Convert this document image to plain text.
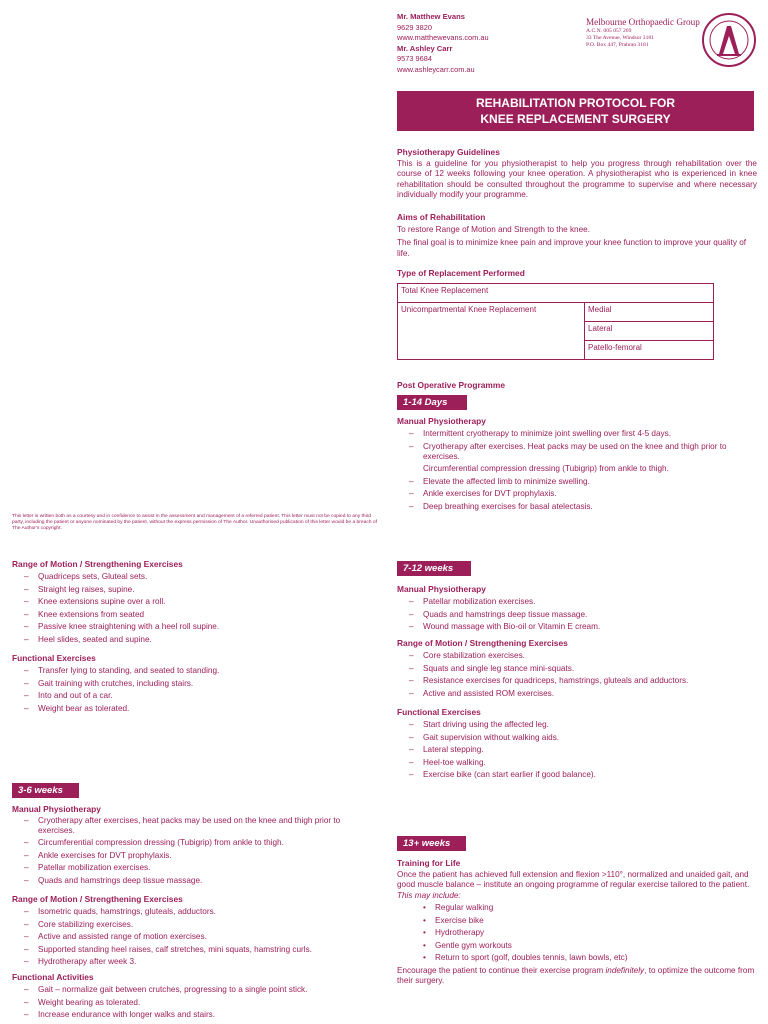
Mr. Matthew Evans
9629 3820
www.matthewevans.com.au
Mr. Ashley Carr
9573 9684
www.ashleycarr.com.au
Melbourne Orthopaedic Group
A.C.N. 005 057 269
33 The Avenue, Windsor 3181
P.O. Box 447, Prahran 3181
REHABILITATION PROTOCOL FOR
KNEE REPLACEMENT SURGERY
Physiotherapy Guidelines
This is a guideline for you physiotherapist to help you progress through rehabilitation over the course of 12 weeks following your knee operation. A physiotherapist who is experienced in knee rehabilitation should be consulted throughout the programme to supervise and where necessary individually modify your programme.
Aims of Rehabilitation
To restore Range of Motion and Strength to the knee.
The final goal is to minimize knee pain and improve your knee function to improve your quality of life.
Type of Replacement Performed
Total Knee Replacement
Unicompartmental Knee Replacement	Medial
Lateral
Patello-femoral
Post Operative Programme
1-14 Days
Manual Physiotherapy
– Intermittent cryotherapy to minimize joint swelling over first 4-5 days.
– Cryotherapy after exercises. Heat packs may be used on the knee and thigh prior to exercises.
Circumferential compression dressing (Tubigrip) from ankle to thigh.
– Elevate the affected limb to minimize swelling.
– Ankle exercises for DVT prophylaxis.
– Deep breathing exercises for basal atelectasis.
This letter is written both as a courtesy and in confidence to assist in the assessment and management of a referred patient. This letter must not be copied to any third party, including the patient or anyone nominated by the patient, without the express permission of The Author. Unauthorised publication of this letter would be a breach of The Author's copyright.
Range of Motion / Strengthening Exercises
– Quadriceps sets, Gluteal sets.
– Straight leg raises, supine.
– Knee extensions supine over a roll.
– Knee extensions from seated
– Passive knee straightening with a heel roll supine.
– Heel slides, seated and supine.
Functional Exercises
– Transfer lying to standing, and seated to standing.
– Gait training with crutches, including stairs.
– Into and out of a car.
– Weight bear as tolerated.
3-6 weeks
Manual Physiotherapy
– Cryotherapy after exercises, heat packs may be used on the knee and thigh prior to exercises.
– Circumferential compression dressing (Tubigrip) from ankle to thigh.
– Ankle exercises for DVT prophylaxis.
– Patellar mobilization exercises.
– Quads and hamstrings deep tissue massage.
Range of Motion / Strengthening Exercises
– Isometric quads, hamstrings, gluteals, adductors.
– Core stabilizing exercises.
– Active and assisted range of motion exercises.
– Supported standing heel raises, calf stretches, mini squats, hamstring curls.
– Hydrotherapy after week 3.
Functional Activities
– Gait – normalize gait between crutches, progressing to a single point stick.
– Weight bearing as tolerated.
– Increase endurance with longer walks and stairs.
7-12 weeks
Manual Physiotherapy
– Patellar mobilization exercises.
– Quads and hamstrings deep tissue massage.
– Wound massage with Bio-oil or Vitamin E cream.
Range of Motion / Strengthening Exercises
– Core stabilization exercises.
– Squats and single leg stance mini-squats.
– Resistance exercises for quadriceps, hamstrings, gluteals and adductors.
– Active and assisted ROM exercises.
Functional Exercises
– Start driving using the affected leg.
– Gait supervision without walking aids.
– Lateral stepping.
– Heel-toe walking.
– Exercise bike (can start earlier if good balance).
13+ weeks
Training for Life
Once the patient has achieved full extension and flexion >110°, normalized and unaided gait, and good muscle balance – institute an ongoing programme of regular exercise tailored to the patient.
This may include:
• Regular walking
• Exercise bike
• Hydrotherapy
• Gentle gym workouts
• Return to sport (golf, doubles tennis, lawn bowls, etc)
Encourage the patient to continue their exercise program indefinitely, to optimize the outcome from their surgery.
